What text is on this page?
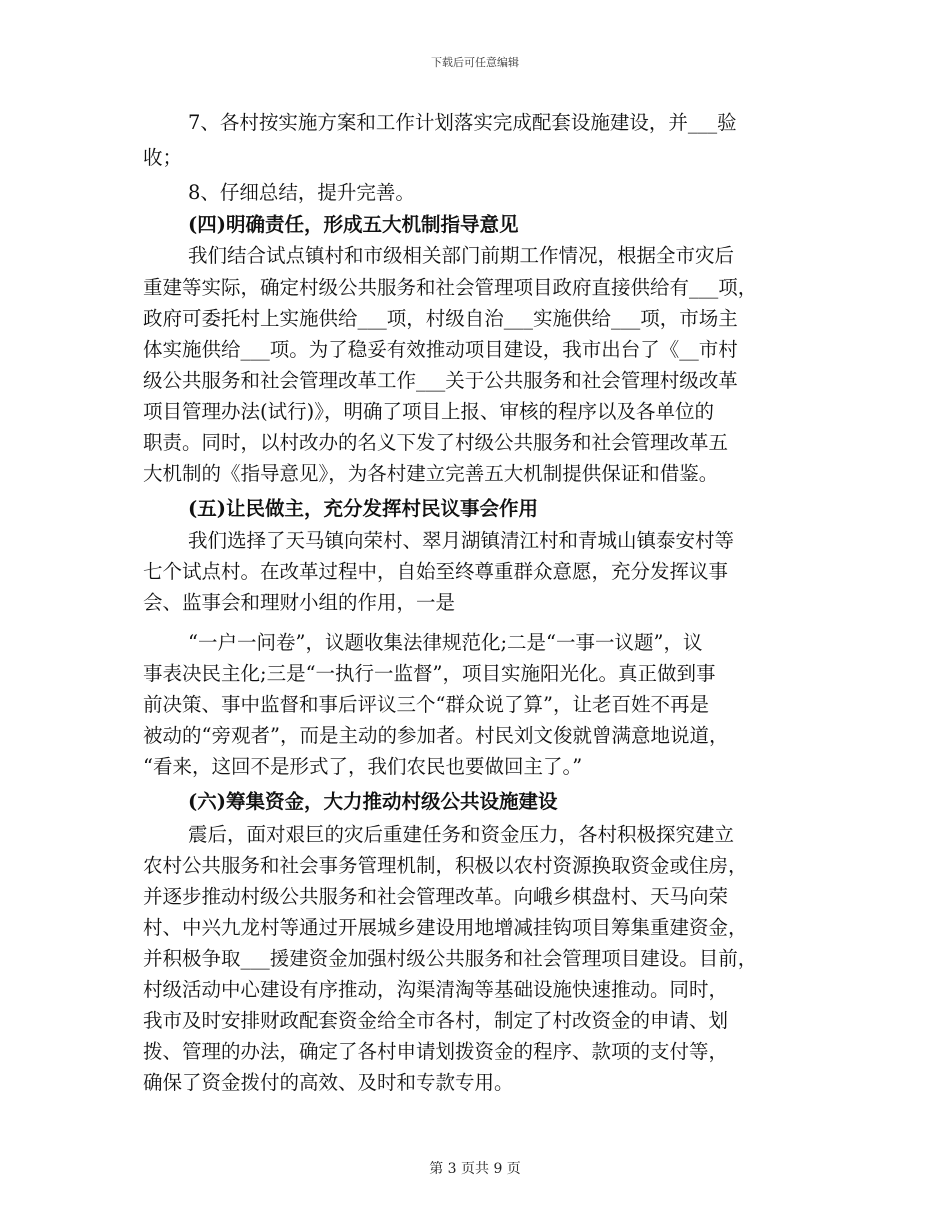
下载后可任意编辑
7、各村按实施方案和工作计划落实完成配套设施建设，并___验
收；
8、仔细总结，提升完善。
(四)明确责任，形成五大机制指导意见
我们结合试点镇村和市级相关部门前期工作情况，根据全市灾后
重建等实际，确定村级公共服务和社会管理项目政府直接供给有___项，
政府可委托村上实施供给___项，村级自治___实施供给___项，市场主
体实施供给___项。为了稳妥有效推动项目建设，我市出台了《__市村
级公共服务和社会管理改革工作___关于公共服务和社会管理村级改革
项目管理办法(试行)》，明确了项目上报、审核的程序以及各单位的
职责。同时，以村改办的名义下发了村级公共服务和社会管理改革五
大机制的《指导意见》，为各村建立完善五大机制提供保证和借鉴。
(五)让民做主，充分发挥村民议事会作用
我们选择了天马镇向荣村、翠月湖镇清江村和青城山镇泰安村等
七个试点村。在改革过程中，自始至终尊重群众意愿，充分发挥议事
会、监事会和理财小组的作用，一是
“一户一问卷”，议题收集法律规范化;二是“一事一议题”，议
事表决民主化;三是“一执行一监督”，项目实施阳光化。真正做到事
前决策、事中监督和事后评议三个“群众说了算”，让老百姓不再是
被动的“旁观者”，而是主动的参加者。村民刘文俊就曾满意地说道，
“看来，这回不是形式了，我们农民也要做回主了。”
(六)筹集资金，大力推动村级公共设施建设
震后，面对艰巨的灾后重建任务和资金压力，各村积极探究建立
农村公共服务和社会事务管理机制，积极以农村资源换取资金或住房，
并逐步推动村级公共服务和社会管理改革。向峨乡棋盘村、天马向荣
村、中兴九龙村等通过开展城乡建设用地增减挂钩项目筹集重建资金，
并积极争取___援建资金加强村级公共服务和社会管理项目建设。目前，
村级活动中心建设有序推动，沟渠清淘等基础设施快速推动。同时，
我市及时安排财政配套资金给全市各村，制定了村改资金的申请、划
拨、管理的办法，确定了各村申请划拨资金的程序、款项的支付等，
确保了资金拨付的高效、及时和专款专用。
第 3 页共 9 页
